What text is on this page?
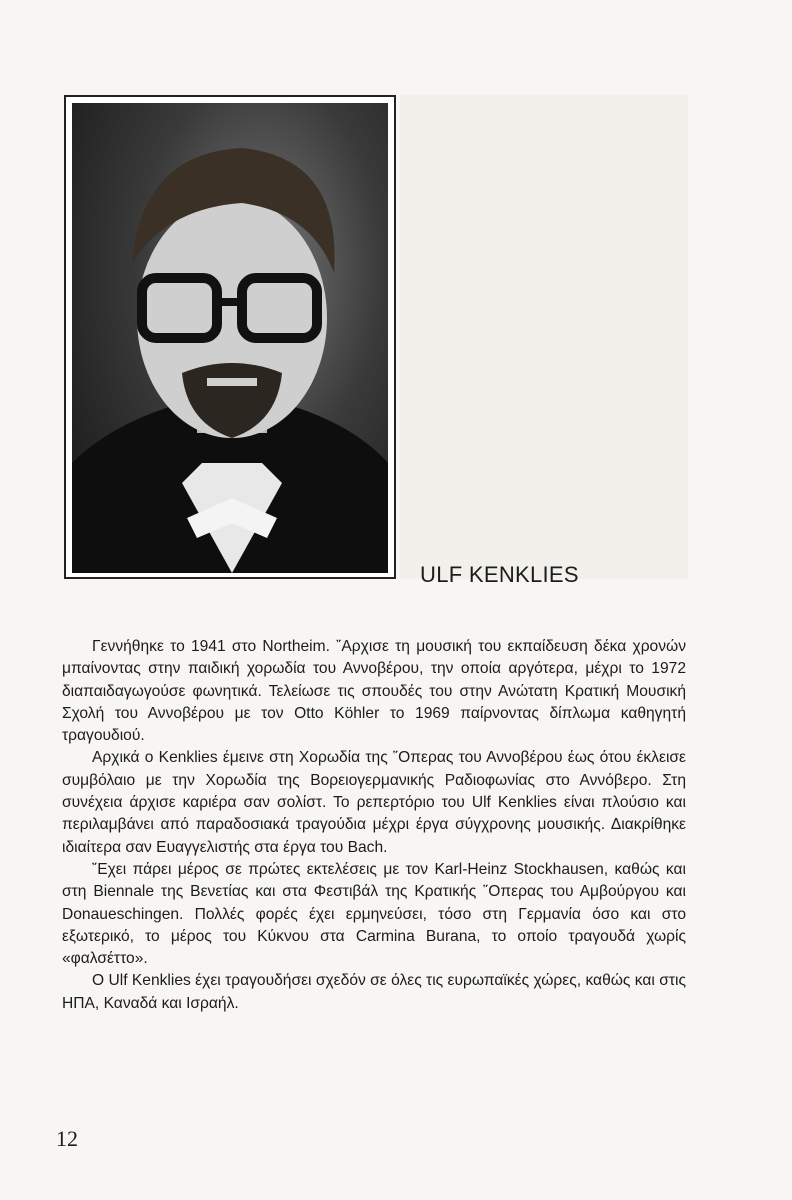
ULF KENKLIES

Γεννήθηκε το 1941 στο Northeim. ῎Αρχισε τη μουσική του εκπαίδευση δέκα χρονών μπαίνοντας στην παιδική χορωδία του Αννοβέρου, την οποία αργότερα, μέχρι το 1972 διαπαιδαγωγούσε φωνητικά. Τελείωσε τις σπουδές του στην Ανώτατη Κρατική Μουσική Σχολή του Αννοβέρου με τον Otto Köhler το 1969 παίρνοντας δίπλωμα καθηγητή τραγουδιού.

Αρχικά ο Kenklies έμεινε στη Χορωδία της ῞Οπερας του Αννοβέρου έως ότου έκλεισε συμβόλαιο με την Χορωδία της Βορειογερμανικής Ραδιοφωνίας στο Αννόβερο. Στη συνέχεια άρχισε καριέρα σαν σολίστ. Το ρεπερτόριο του Ulf Kenklies είναι πλούσιο και περιλαμβάνει από παραδοσιακά τραγούδια μέχρι έργα σύγχρονης μουσικής. Διακρίθηκε ιδιαίτερα σαν Ευαγγελιστής στα έργα του Bach.

῎Εχει πάρει μέρος σε πρώτες εκτελέσεις με τον Karl-Heinz Stockhausen, καθώς και στη Biennale της Βενετίας και στα Φεστιβάλ της Κρατικής ῞Οπερας του Αμβούργου και Donaueschingen. Πολλές φορές έχει ερμηνεύσει, τόσο στη Γερμανία όσο και στο εξωτερικό, το μέρος του Κύκνου στα Carmina Burana, το οποίο τραγουδά χωρίς «φαλσέττο».

Ο Ulf Kenklies έχει τραγουδήσει σχεδόν σε όλες τις ευρωπαϊκές χώρες, καθώς και στις ΗΠΑ, Καναδά και Ισραήλ.

12
